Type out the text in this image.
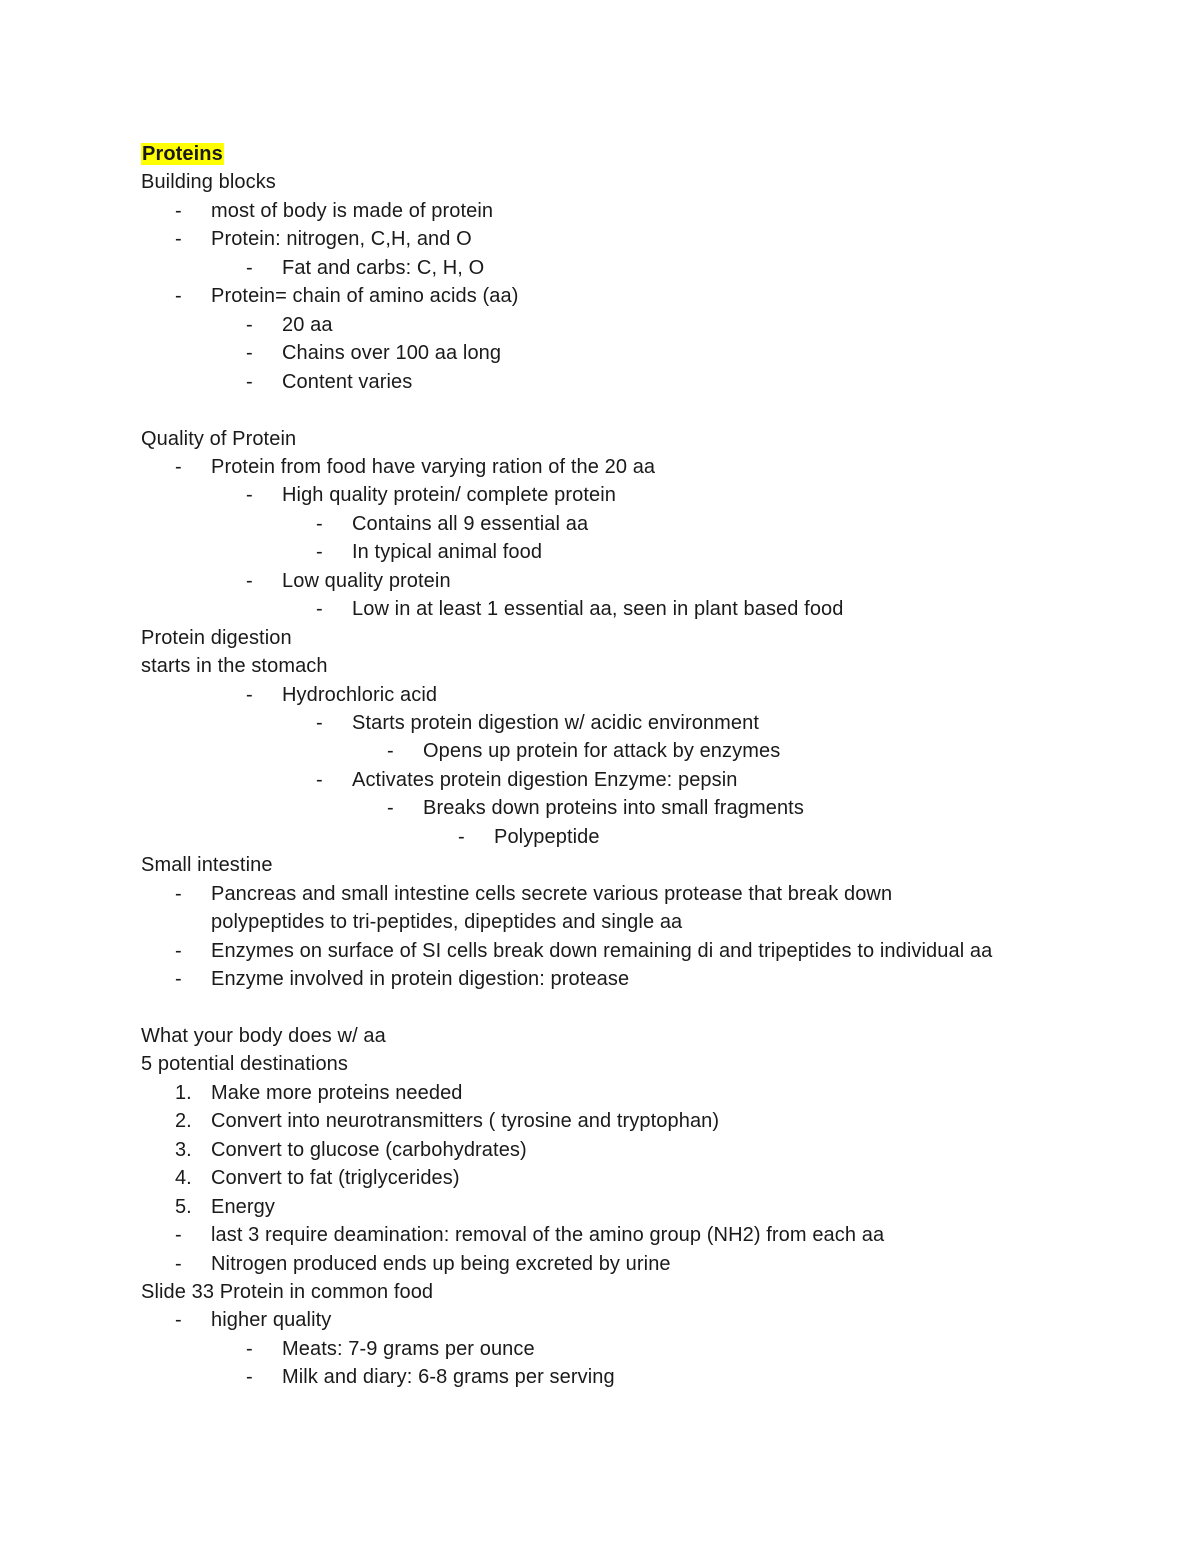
Proteins
Building blocks
- most of body is made of protein
- Protein: nitrogen, C,H, and O
- Fat and carbs: C, H, O
- Protein= chain of amino acids (aa)
- 20 aa
- Chains over 100 aa long
- Content varies
Quality of Protein
- Protein from food have varying ration of the 20 aa
- High quality protein/ complete protein
- Contains all 9 essential aa
- In typical animal food
- Low quality protein
- Low in at least 1 essential aa, seen in plant based food
Protein digestion
starts in the stomach
- Hydrochloric acid
- Starts protein digestion w/ acidic environment
- Opens up protein for attack by enzymes
- Activates protein digestion Enzyme: pepsin
- Breaks down proteins into small fragments
- Polypeptide
Small intestine
- Pancreas and small intestine cells secrete various protease that break down
polypeptides to tri-peptides, dipeptides and single aa
- Enzymes on surface of SI cells break down remaining di and tripeptides to individual aa
- Enzyme involved in protein digestion: protease
What your body does w/ aa
5 potential destinations
1. Make more proteins needed
2. Convert into neurotransmitters ( tyrosine and tryptophan)
3. Convert to glucose (carbohydrates)
4. Convert to fat (triglycerides)
5. Energy
- last 3 require deamination: removal of the amino group (NH2) from each aa
- Nitrogen produced ends up being excreted by urine
Slide 33 Protein in common food
- higher quality
- Meats: 7-9 grams per ounce
- Milk and diary: 6-8 grams per serving
